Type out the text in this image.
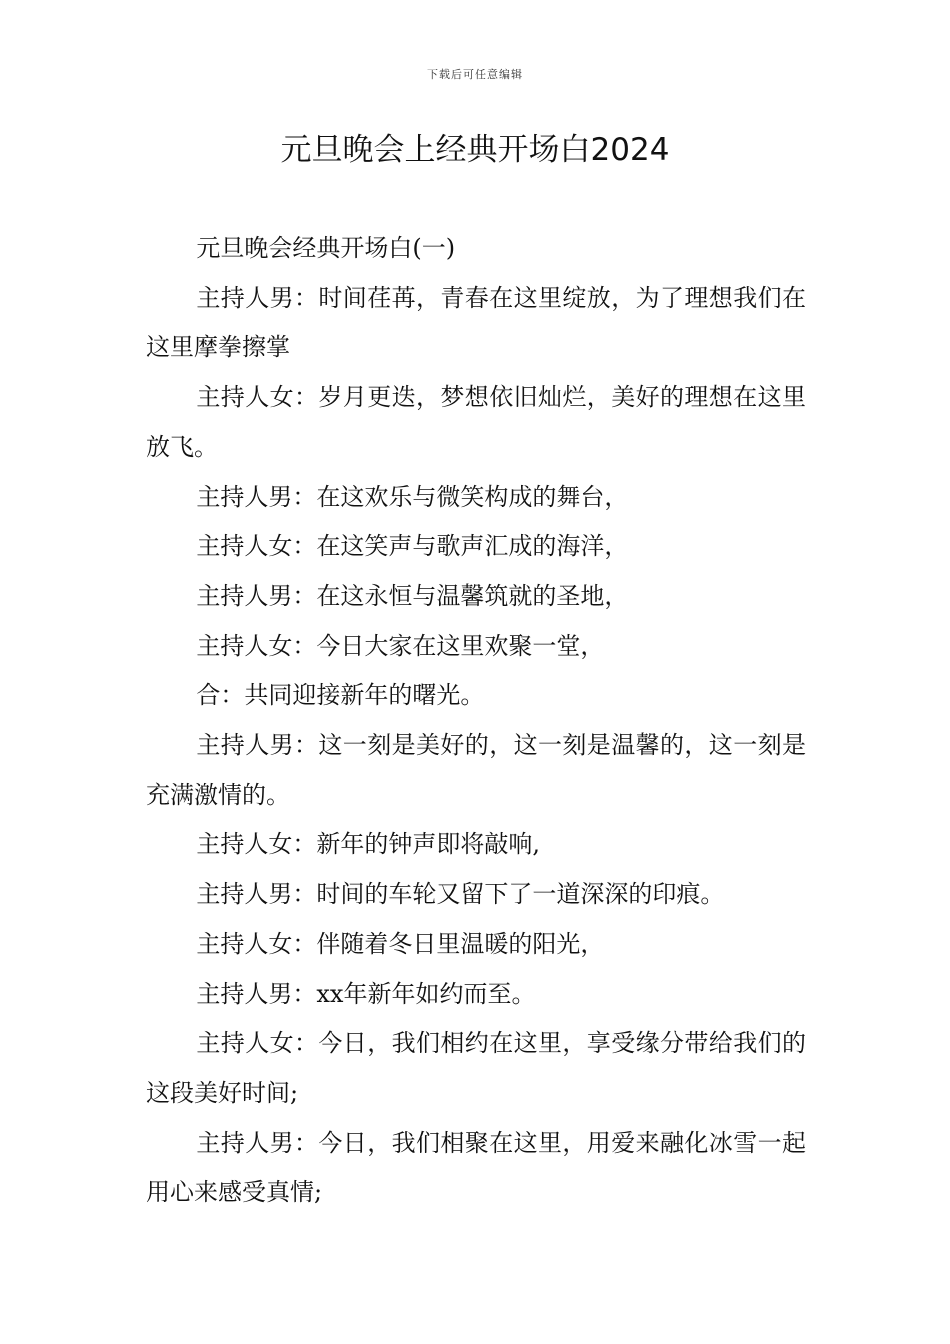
下载后可任意编辑
元旦晚会上经典开场白2024

元旦晚会经典开场白(一)

主持人男：时间荏苒，青春在这里绽放，为了理想我们在这里摩拳擦掌

主持人女：岁月更迭，梦想依旧灿烂，美好的理想在这里放飞。

主持人男：在这欢乐与微笑构成的舞台，

主持人女：在这笑声与歌声汇成的海洋，

主持人男：在这永恒与温馨筑就的圣地，

主持人女：今日大家在这里欢聚一堂，

合：共同迎接新年的曙光。

主持人男：这一刻是美好的，这一刻是温馨的，这一刻是充满激情的。

主持人女：新年的钟声即将敲响,

主持人男：时间的车轮又留下了一道深深的印痕。

主持人女：伴随着冬日里温暖的阳光，

主持人男：xx年新年如约而至。

主持人女：今日，我们相约在这里，享受缘分带给我们的这段美好时间;

主持人男：今日，我们相聚在这里，用爱来融化冰雪一起用心来感受真情;
